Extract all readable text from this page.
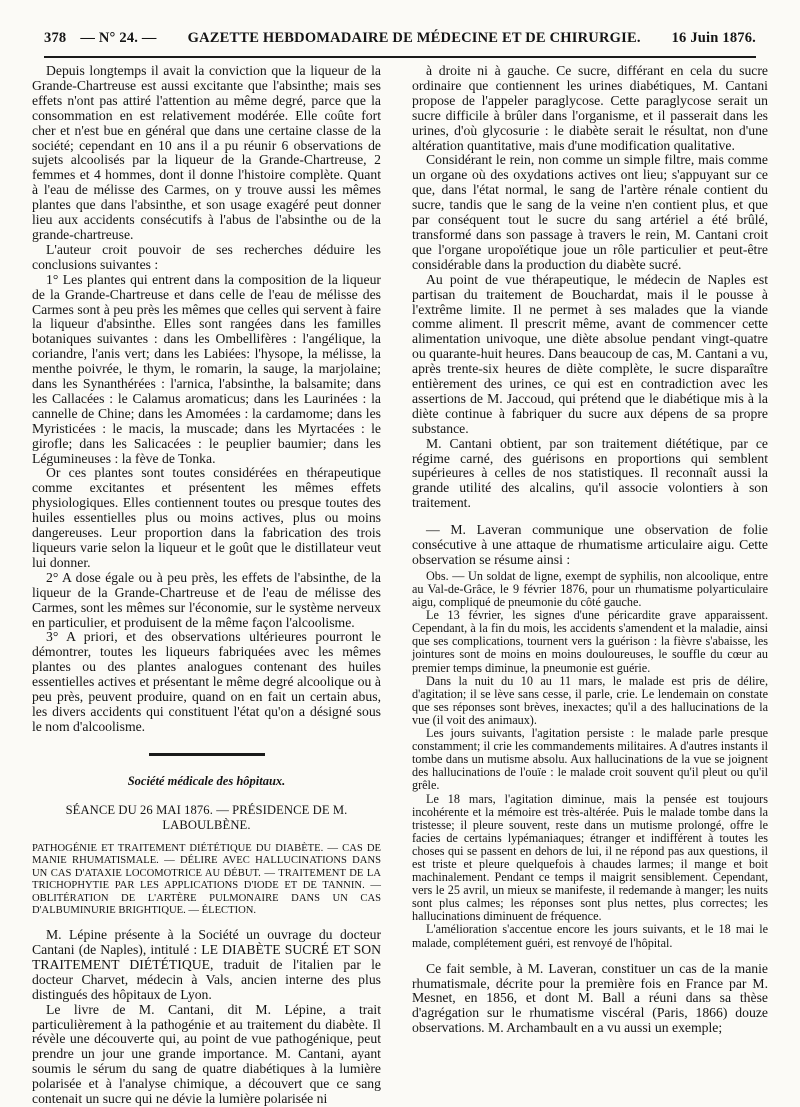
378 — N° 24. —	GAZETTE HEBDOMADAIRE DE MÉDECINE ET DE CHIRURGIE.	16 Juin 1876.

Depuis longtemps il avait la conviction que la liqueur de la Grande-Chartreuse est aussi excitante que l'absinthe; mais ses effets n'ont pas attiré l'attention au même degré, parce que la consommation en est relativement modérée. Elle coûte fort cher et n'est bue en général que dans une certaine classe de la société; cependant en 10 ans il a pu réunir 6 observations de sujets alcoolisés par la liqueur de la Grande-Chartreuse, 2 femmes et 4 hommes, dont il donne l'histoire complète. Quant à l'eau de mélisse des Carmes, on y trouve aussi les mêmes plantes que dans l'absinthe, et son usage exagéré peut donner lieu aux accidents consécutifs à l'abus de l'absinthe ou de la grande-chartreuse.

L'auteur croit pouvoir de ses recherches déduire les conclusions suivantes :

1° Les plantes qui entrent dans la composition de la liqueur de la Grande-Chartreuse et dans celle de l'eau de mélisse des Carmes sont à peu près les mêmes que celles qui servent à faire la liqueur d'absinthe. Elles sont rangées dans les familles botaniques suivantes : dans les Ombellifères : l'angélique, la coriandre, l'anis vert; dans les Labiées: l'hysope, la mélisse, la menthe poivrée, le thym, le romarin, la sauge, la marjolaine; dans les Synanthérées : l'arnica, l'absinthe, la balsamite; dans les Callacées : le Calamus aromaticus; dans les Laurinées : la cannelle de Chine; dans les Amomées : la cardamome; dans les Myristicées : le macis, la muscade; dans les Myrtacées : le girofle; dans les Salicacées : le peuplier baumier; dans les Légumineuses : la fève de Tonka.

Or ces plantes sont toutes considérées en thérapeutique comme excitantes et présentent les mêmes effets physiologiques. Elles contiennent toutes ou presque toutes des huiles essentielles plus ou moins actives, plus ou moins dangereuses. Leur proportion dans la fabrication des trois liqueurs varie selon la liqueur et le goût que le distillateur veut lui donner.

2° A dose égale ou à peu près, les effets de l'absinthe, de la liqueur de la Grande-Chartreuse et de l'eau de mélisse des Carmes, sont les mêmes sur l'économie, sur le système nerveux en particulier, et produisent de la même façon l'alcoolisme.

3° A priori, et des observations ultérieures pourront le démontrer, toutes les liqueurs fabriquées avec les mêmes plantes ou des plantes analogues contenant des huiles essentielles actives et présentant le même degré alcoolique ou à peu près, peuvent produire, quand on en fait un certain abus, les divers accidents qui constituent l'état qu'on a désigné sous le nom d'alcoolisme.

Société médicale des hôpitaux.
SÉANCE DU 26 MAI 1876. — PRÉSIDENCE DE M. LABOULBÈNE.

PATHOGÉNIE ET TRAITEMENT DIÉTÉTIQUE DU DIABÈTE. — CAS DE MANIE RHUMATISMALE. — DÉLIRE AVEC HALLUCINATIONS DANS UN CAS D'ATAXIE LOCOMOTRICE AU DÉBUT. — TRAITEMENT DE LA TRICHOPHYTIE PAR LES APPLICATIONS D'IODE ET DE TANNIN. — OBLITÉRATION DE L'ARTÈRE PULMONAIRE DANS UN CAS D'ALBUMINURIE BRIGHTIQUE. — ÉLECTION.

M. Lépine présente à la Société un ouvrage du docteur Cantani (de Naples), intitulé : LE DIABÈTE SUCRÉ ET SON TRAITEMENT DIÉTÉTIQUE, traduit de l'italien par le docteur Charvet, médecin à Vals, ancien interne des plus distingués des hôpitaux de Lyon.

Le livre de M. Cantani, dit M. Lépine, a trait particulièrement à la pathogénie et au traitement du diabète. Il révèle une découverte qui, au point de vue pathogénique, peut prendre un jour une grande importance. M. Cantani, ayant soumis le sérum du sang de quatre diabétiques à la lumière polarisée et à l'analyse chimique, a découvert que ce sang contenait un sucre qui ne dévie la lumière polarisée ni

à droite ni à gauche. Ce sucre, différant en cela du sucre ordinaire que contiennent les urines diabétiques, M. Cantani propose de l'appeler paraglycose. Cette paraglycose serait un sucre difficile à brûler dans l'organisme, et il passerait dans les urines, d'où glycosurie : le diabète serait le résultat, non d'une altération quantitative, mais d'une modification qualitative.

Considérant le rein, non comme un simple filtre, mais comme un organe où des oxydations actives ont lieu; s'appuyant sur ce que, dans l'état normal, le sang de l'artère rénale contient du sucre, tandis que le sang de la veine n'en contient plus, et que par conséquent tout le sucre du sang artériel a été brûlé, transformé dans son passage à travers le rein, M. Cantani croit que l'organe uropoïétique joue un rôle particulier et peut-être considérable dans la production du diabète sucré.

Au point de vue thérapeutique, le médecin de Naples est partisan du traitement de Bouchardat, mais il le pousse à l'extrême limite. Il ne permet à ses malades que la viande comme aliment. Il prescrit même, avant de commencer cette alimentation univoque, une diète absolue pendant vingt-quatre ou quarante-huit heures. Dans beaucoup de cas, M. Cantani a vu, après trente-six heures de diète complète, le sucre disparaître entièrement des urines, ce qui est en contradiction avec les assertions de M. Jaccoud, qui prétend que le diabétique mis à la diète continue à fabriquer du sucre aux dépens de sa propre substance.

M. Cantani obtient, par son traitement diététique, par ce régime carné, des guérisons en proportions qui semblent supérieures à celles de nos statistiques. Il reconnaît aussi la grande utilité des alcalins, qu'il associe volontiers à son traitement.

— M. Laveran communique une observation de folie consécutive à une attaque de rhumatisme articulaire aigu. Cette observation se résume ainsi :

Obs. — Un soldat de ligne, exempt de syphilis, non alcoolique, entre au Val-de-Grâce, le 9 février 1876, pour un rhumatisme polyarticulaire aigu, compliqué de pneumonie du côté gauche.

Le 13 février, les signes d'une péricardite grave apparaissent. Cependant, à la fin du mois, les accidents s'amendent et la maladie, ainsi que ses complications, tournent vers la guérison : la fièvre s'abaisse, les jointures sont de moins en moins douloureuses, le souffle du cœur au premier temps diminue, la pneumonie est guérie.

Dans la nuit du 10 au 11 mars, le malade est pris de délire, d'agitation; il se lève sans cesse, il parle, crie. Le lendemain on constate que ses réponses sont brèves, inexactes; qu'il a des hallucinations de la vue (il voit des animaux).

Les jours suivants, l'agitation persiste : le malade parle presque constamment; il crie les commandements militaires. A d'autres instants il tombe dans un mutisme absolu. Aux hallucinations de la vue se joignent des hallucinations de l'ouïe : le malade croit souvent qu'il pleut ou qu'il grêle.

Le 18 mars, l'agitation diminue, mais la pensée est toujours incohérente et la mémoire est très-altérée. Puis le malade tombe dans la tristesse; il pleure souvent, reste dans un mutisme prolongé, offre le facies de certains lypémaniaques; étranger et indifférent à toutes les choses qui se passent en dehors de lui, il ne répond pas aux questions, il est triste et pleure quelquefois à chaudes larmes; il mange et boit machinalement. Pendant ce temps il maigrit sensiblement. Cependant, vers le 25 avril, un mieux se manifeste, il redemande à manger; les nuits sont plus calmes; les réponses sont plus nettes, plus correctes; les hallucinations diminuent de fréquence.

L'amélioration s'accentue encore les jours suivants, et le 18 mai le malade, complétement guéri, est renvoyé de l'hôpital.

Ce fait semble, à M. Laveran, constituer un cas de la manie rhumatismale, décrite pour la première fois en France par M. Mesnet, en 1856, et dont M. Ball a réuni dans sa thèse d'agrégation sur le rhumatisme viscéral (Paris, 1866) douze observations. M. Archambault en a vu aussi un exemple;
